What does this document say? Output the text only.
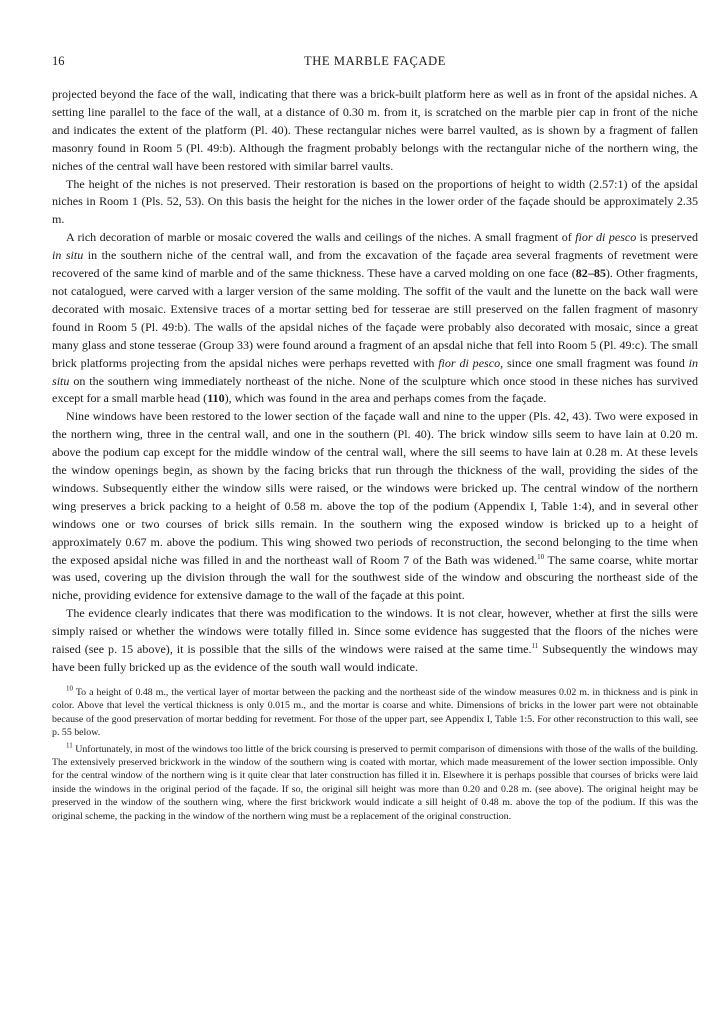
16	THE MARBLE FAÇADE

projected beyond the face of the wall, indicating that there was a brick-built platform here as well as in front of the apsidal niches. A setting line parallel to the face of the wall, at a distance of 0.30 m. from it, is scratched on the marble pier cap in front of the niche and indicates the extent of the platform (Pl. 40). These rectangular niches were barrel vaulted, as is shown by a fragment of fallen masonry found in Room 5 (Pl. 49:b). Although the fragment probably belongs with the rectangular niche of the northern wing, the niches of the central wall have been restored with similar barrel vaults.

The height of the niches is not preserved. Their restoration is based on the proportions of height to width (2.57:1) of the apsidal niches in Room 1 (Pls. 52, 53). On this basis the height for the niches in the lower order of the façade should be approximately 2.35 m.

A rich decoration of marble or mosaic covered the walls and ceilings of the niches. A small fragment of fior di pesco is preserved in situ in the southern niche of the central wall, and from the excavation of the façade area several fragments of revetment were recovered of the same kind of marble and of the same thickness. These have a carved molding on one face (82–85). Other fragments, not catalogued, were carved with a larger version of the same molding. The soffit of the vault and the lunette on the back wall were decorated with mosaic. Extensive traces of a mortar setting bed for tesserae are still preserved on the fallen fragment of masonry found in Room 5 (Pl. 49:b). The walls of the apsidal niches of the façade were probably also decorated with mosaic, since a great many glass and stone tesserae (Group 33) were found around a fragment of an apsdal niche that fell into Room 5 (Pl. 49:c). The small brick platforms projecting from the apsidal niches were perhaps revetted with fior di pesco, since one small fragment was found in situ on the southern wing immediately northeast of the niche. None of the sculpture which once stood in these niches has survived except for a small marble head (110), which was found in the area and perhaps comes from the façade.

Nine windows have been restored to the lower section of the façade wall and nine to the upper (Pls. 42, 43). Two were exposed in the northern wing, three in the central wall, and one in the southern (Pl. 40). The brick window sills seem to have lain at 0.20 m. above the podium cap except for the middle window of the central wall, where the sill seems to have lain at 0.28 m. At these levels the window openings begin, as shown by the facing bricks that run through the thickness of the wall, providing the sides of the windows. Subsequently either the window sills were raised, or the windows were bricked up. The central window of the northern wing preserves a brick packing to a height of 0.58 m. above the top of the podium (Appendix I, Table 1:4), and in several other windows one or two courses of brick sills remain. In the southern wing the exposed window is bricked up to a height of approximately 0.67 m. above the podium. This wing showed two periods of reconstruction, the second belonging to the time when the exposed apsidal niche was filled in and the northeast wall of Room 7 of the Bath was widened.$^{10}$ The same coarse, white mortar was used, covering up the division through the wall for the southwest side of the window and obscuring the northeast side of the niche, providing evidence for extensive damage to the wall of the façade at this point.

The evidence clearly indicates that there was modification to the windows. It is not clear, however, whether at first the sills were simply raised or whether the windows were totally filled in. Since some evidence has suggested that the floors of the niches were raised (see p. 15 above), it is possible that the sills of the windows were raised at the same time.$^{11}$ Subsequently the windows may have been fully bricked up as the evidence of the south wall would indicate.

$^{10}$ To a height of 0.48 m., the vertical layer of mortar between the packing and the northeast side of the window measures 0.02 m. in thickness and is pink in color. Above that level the vertical thickness is only 0.015 m., and the mortar is coarse and white. Dimensions of bricks in the lower part were not obtainable because of the good preservation of mortar bedding for revetment. For those of the upper part, see Appendix I, Table 1:5. For other reconstruction to this wall, see p. 55 below.

$^{11}$ Unfortunately, in most of the windows too little of the brick coursing is preserved to permit comparison of dimensions with those of the walls of the building. The extensively preserved brickwork in the window of the southern wing is coated with mortar, which made measurement of the lower section impossible. Only for the central window of the northern wing is it quite clear that later construction has filled it in. Elsewhere it is perhaps possible that courses of bricks were laid inside the windows in the original period of the façade. If so, the original sill height was more than 0.20 and 0.28 m. (see above). The original height may be preserved in the window of the southern wing, where the first brickwork would indicate a sill height of 0.48 m. above the top of the podium. If this was the original scheme, the packing in the window of the northern wing must be a replacement of the original construction.
